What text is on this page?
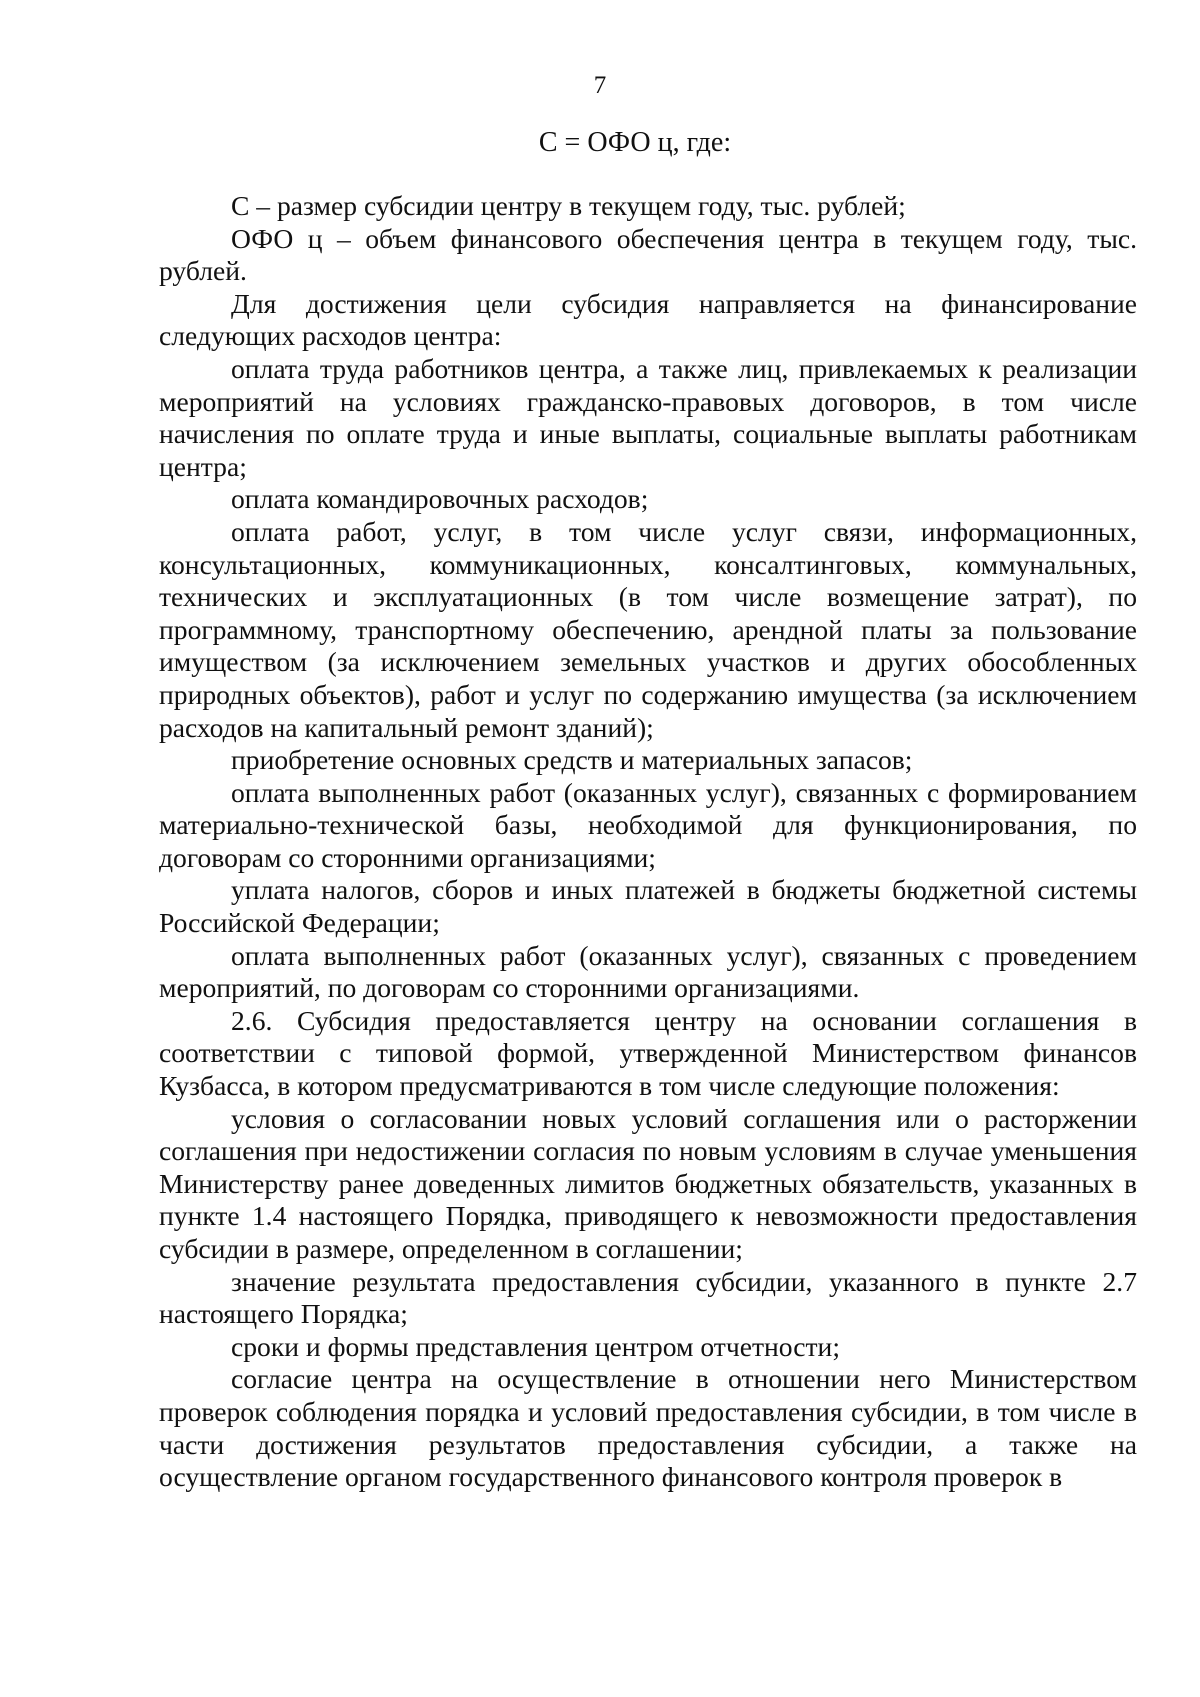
7
С = ОФО ц, где:

С – размер субсидии центру в текущем году, тыс. рублей;

ОФО ц – объем финансового обеспечения центра в текущем году, тыс. рублей.

Для достижения цели субсидия направляется на финансирование следующих расходов центра:

оплата труда работников центра, а также лиц, привлекаемых к реализации мероприятий на условиях гражданско-правовых договоров, в том числе начисления по оплате труда и иные выплаты, социальные выплаты работникам центра;

оплата командировочных расходов;

оплата работ, услуг, в том числе услуг связи, информационных, консультационных, коммуникационных, консалтинговых, коммунальных, технических и эксплуатационных (в том числе возмещение затрат), по программному, транспортному обеспечению, арендной платы за пользование имуществом (за исключением земельных участков и других обособленных природных объектов), работ и услуг по содержанию имущества (за исключением расходов на капитальный ремонт зданий);

приобретение основных средств и материальных запасов;

оплата выполненных работ (оказанных услуг), связанных с формированием материально-технической базы, необходимой для функционирования, по договорам со сторонними организациями;

уплата налогов, сборов и иных платежей в бюджеты бюджетной системы Российской Федерации;

оплата выполненных работ (оказанных услуг), связанных с проведением мероприятий, по договорам со сторонними организациями.

2.6. Субсидия предоставляется центру на основании соглашения в соответствии с типовой формой, утвержденной Министерством финансов Кузбасса, в котором предусматриваются в том числе следующие положения:

условия о согласовании новых условий соглашения или о расторжении соглашения при недостижении согласия по новым условиям в случае уменьшения Министерству ранее доведенных лимитов бюджетных обязательств, указанных в пункте 1.4 настоящего Порядка, приводящего к невозможности предоставления субсидии в размере, определенном в соглашении;

значение результата предоставления субсидии, указанного в пункте 2.7 настоящего Порядка;

сроки и формы представления центром отчетности;

согласие центра на осуществление в отношении него Министерством проверок соблюдения порядка и условий предоставления субсидии, в том числе в части достижения результатов предоставления субсидии, а также на осуществление органом государственного финансового контроля проверок в
